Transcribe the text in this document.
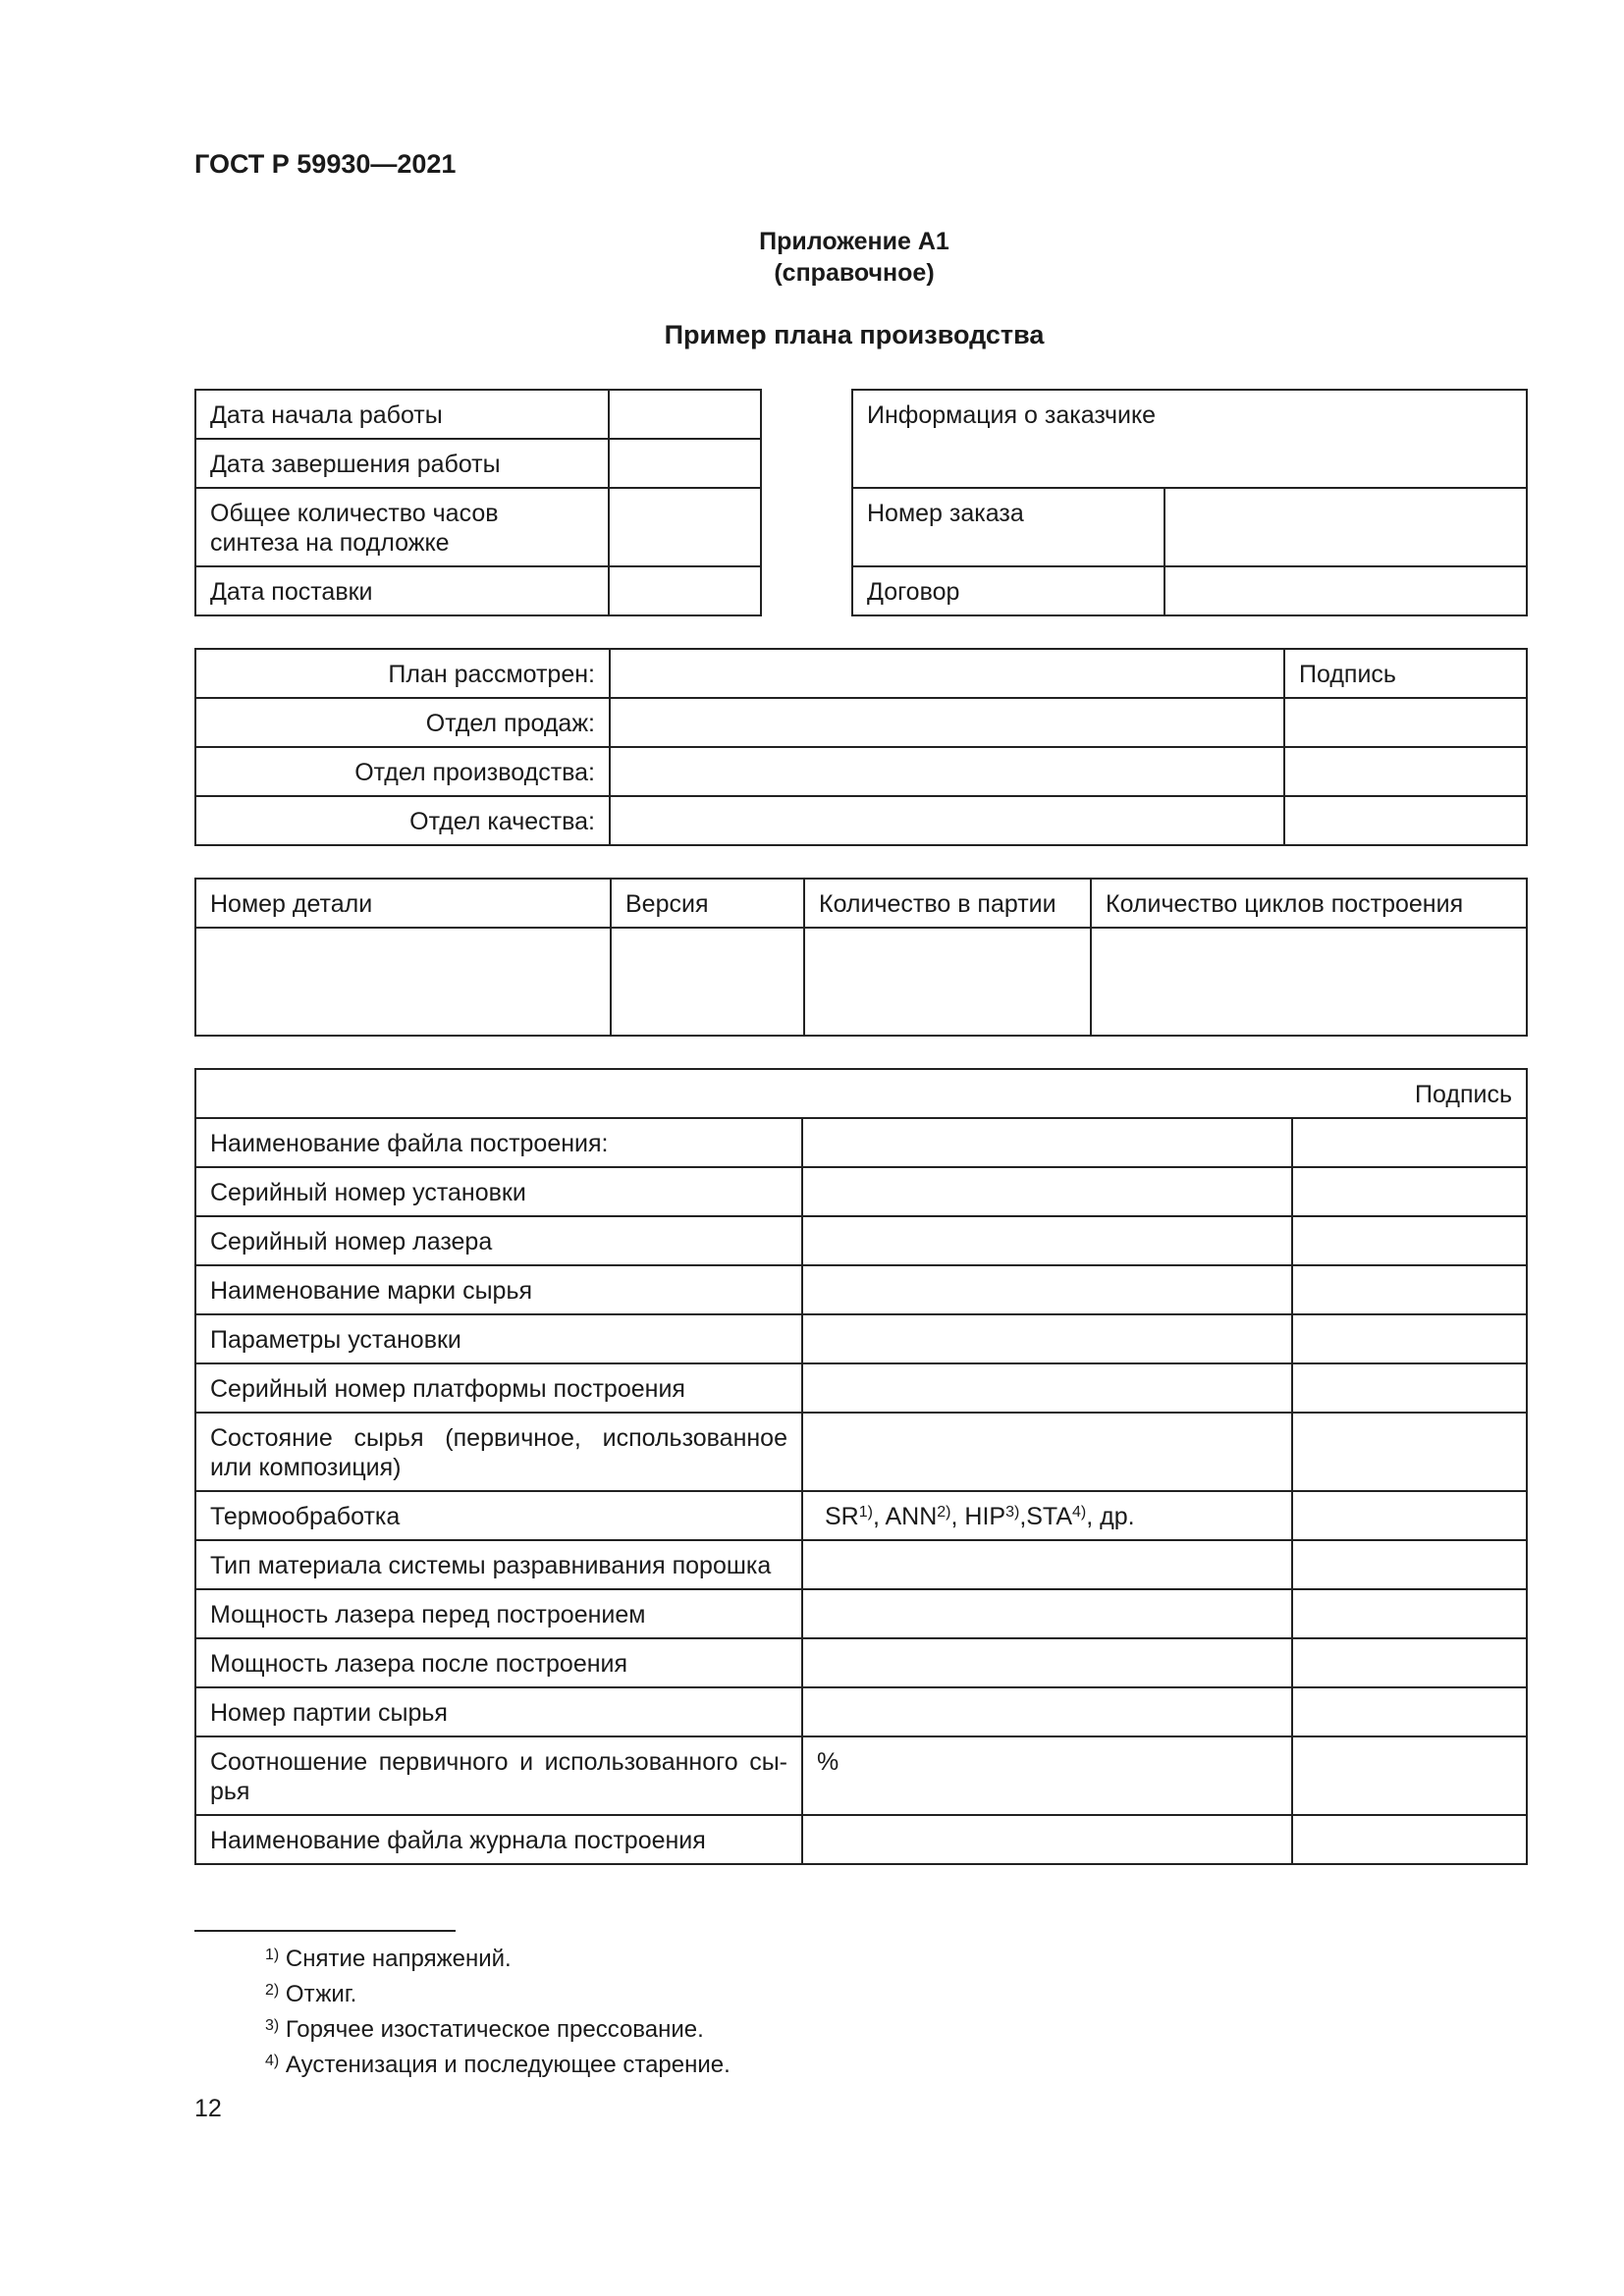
ГОСТ Р 59930—2021
Приложение А1
(справочное)
Пример плана производства
Дата начала работы	
Дата завершения работы	
Общее количество часов синтеза на подложке	
Дата поставки	
Информация о заказчике	
Номер заказа	
Договор	
План рассмотрен:		Подпись
Отдел продаж:		
Отдел производства:		
Отдел качества:		
Номер детали	Версия	Количество в партии	Количество циклов построения

Подпись		
Наименование файла построения:		
Серийный номер установки		
Серийный номер лазера		
Наименование марки сырья		
Параметры установки		
Серийный номер платформы построения		
Состояние сырья (первичное, использованное или композиция)		
Термообработка	SR$^{1)}$, ANN$^{2)}$, HIP$^{3)}$,STA$^{4)}$, др.	
Тип материала системы разравнивания порошка		
Мощность лазера перед построением		
Мощность лазера после построения		
Номер партии сырья		
Соотношение первичного и использованного сы-рья	%	
Наименование файла журнала построения		
$^{1)}$ Снятие напряжений.
$^{2)}$ Отжиг.
$^{3)}$ Горячее изостатическое прессование.
$^{4)}$ Аустенизация и последующее старение.
12
